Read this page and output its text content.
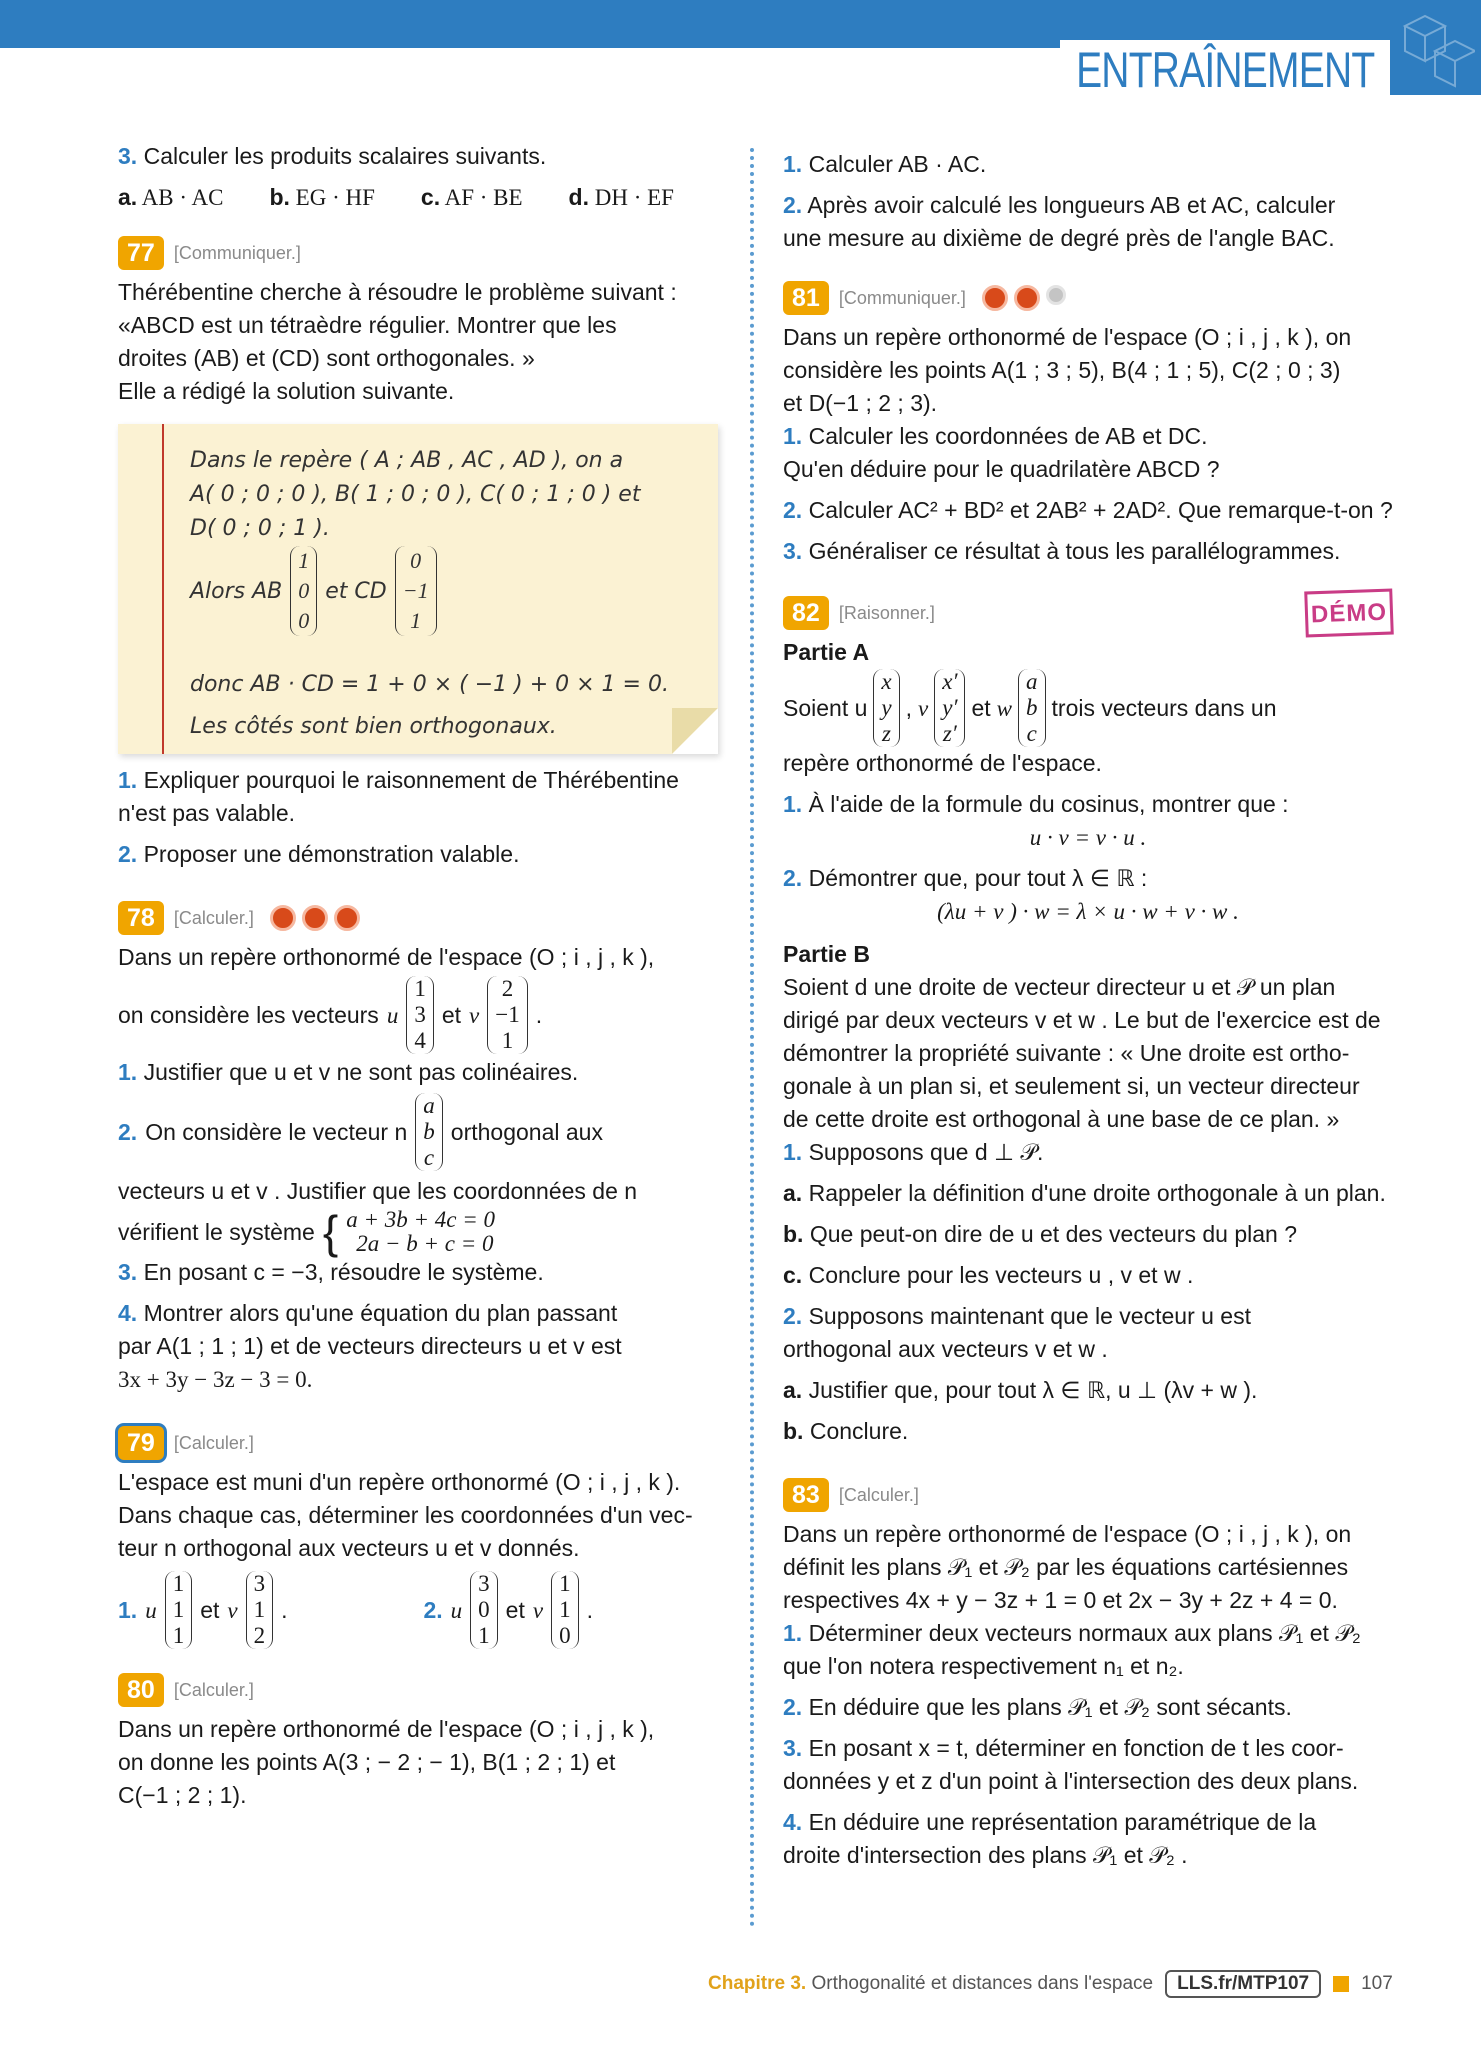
ENTRAÎNEMENT

3. Calculer les produits scalaires suivants.

a. AB · AC b. EG · HF c. AF · BE d. DH · EF

77	[Communiquer.]

Thérébentine cherche à résoudre le problème suivant :

«ABCD est un tétraèdre régulier. Montrer que les

droites (AB) et (CD) sont orthogonales. »

Elle a rédigé la solution suivante.

Dans le repère ( A ; AB , AC , AD ), on a
A( 0 ; 0 ; 0 ), B( 1 ; 0 ; 0 ), C( 0 ; 1 ; 0 ) et
D( 0 ; 0 ; 1 ).
Alors AB
1
0
0
et CD
0
−1
1
donc AB · CD = 1 + 0 × ( −1 ) + 0 × 1 = 0.
Les côtés sont bien orthogonaux.

1. Expliquer pourquoi le raisonnement de Thérébentine

n'est pas valable.

2. Proposer une démonstration valable.

78	[Calculer.]

Dans un repère orthonormé de l'espace (O ; i , j , k ),

on considère les vecteurs u
1
3
4
et v
2
−1
1
.

1. Justifier que u et v ne sont pas colinéaires.

2. On considère le vecteur n
a
b
c
orthogonal aux

vecteurs u et v . Justifier que les coordonnées de n

vérifient le système { a + 3b + 4c = 0
2a − b + c = 0

3. En posant c = −3, résoudre le système.

4. Montrer alors qu'une équation du plan passant

par A(1 ; 1 ; 1) et de vecteurs directeurs u et v est

3x + 3y − 3z − 3 = 0.

79	[Calculer.]

L'espace est muni d'un repère orthonormé (O ; i , j , k ).

Dans chaque cas, déterminer les coordonnées d'un vec-

teur n orthogonal aux vecteurs u et v donnés.

1. u
1
1
1
et v
3
1
2
.	2. u
3
0
1
et v
1
1
0
.

80	[Calculer.]

Dans un repère orthonormé de l'espace (O ; i , j , k ),

on donne les points A(3 ; − 2 ; − 1), B(1 ; 2 ; 1) et

C(−1 ; 2 ; 1).

1. Calculer AB · AC.

2. Après avoir calculé les longueurs AB et AC, calculer

une mesure au dixième de degré près de l'angle BAC.

81	[Communiquer.]

Dans un repère orthonormé de l'espace (O ; i , j , k ), on

considère les points A(1 ; 3 ; 5), B(4 ; 1 ; 5), C(2 ; 0 ; 3)

et D(−1 ; 2 ; 3).

1. Calculer les coordonnées de AB et DC.

Qu'en déduire pour le quadrilatère ABCD ?

2. Calculer AC² + BD² et 2AB² + 2AD². Que remarque-t-on ?

3. Généraliser ce résultat à tous les parallélogrammes.

82	[Raisonner.]	DÉMO

Partie A

Soient u
x
y
z
, v
x′
y′
z′
et w
a
b
c
trois vecteurs dans un

repère orthonormé de l'espace.

1. À l'aide de la formule du cosinus, montrer que :

u · v = v · u .

2. Démontrer que, pour tout λ ∈ ℝ :

(λu + v ) · w = λ × u · w + v · w .

Partie B

Soient d une droite de vecteur directeur u et 𝒫 un plan

dirigé par deux vecteurs v et w . Le but de l'exercice est de

démontrer la propriété suivante : « Une droite est ortho-

gonale à un plan si, et seulement si, un vecteur directeur

de cette droite est orthogonal à une base de ce plan. »

1. Supposons que d ⊥ 𝒫.

a. Rappeler la définition d'une droite orthogonale à un plan.

b. Que peut-on dire de u et des vecteurs du plan ?

c. Conclure pour les vecteurs u , v et w .

2. Supposons maintenant que le vecteur u est

orthogonal aux vecteurs v et w .

a. Justifier que, pour tout λ ∈ ℝ, u ⊥ (λv + w ).

b. Conclure.

83	[Calculer.]

Dans un repère orthonormé de l'espace (O ; i , j , k ), on

définit les plans 𝒫₁ et 𝒫₂ par les équations cartésiennes

respectives 4x + y − 3z + 1 = 0 et 2x − 3y + 2z + 4 = 0.

1. Déterminer deux vecteurs normaux aux plans 𝒫₁ et 𝒫₂

que l'on notera respectivement n₁ et n₂.

2. En déduire que les plans 𝒫₁ et 𝒫₂ sont sécants.

3. En posant x = t, déterminer en fonction de t les coor-

données y et z d'un point à l'intersection des deux plans.

4. En déduire une représentation paramétrique de la

droite d'intersection des plans 𝒫₁ et 𝒫₂ .

Chapitre 3. Orthogonalité et distances dans l'espace	LLS.fr/MTP107	107
